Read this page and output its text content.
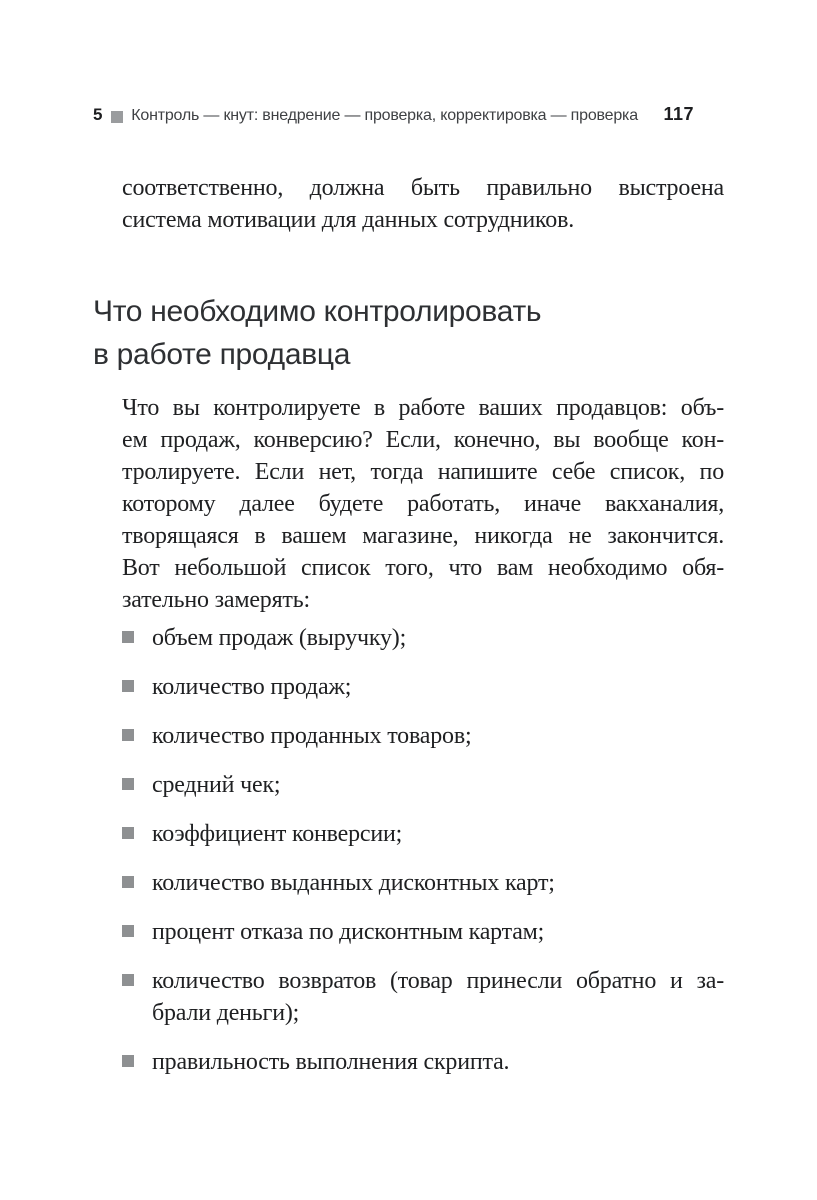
5 Контроль — кнут: внедрение — проверка, корректировка — проверка 117

соответственно, должна быть правильно выстроена
система мотивации для данных сотрудников.

Что необходимо контролировать
в работе продавца

Что вы контролируете в работе ваших продавцов: объ-
ем продаж, конверсию? Если, конечно, вы вообще кон-
тролируете. Если нет, тогда напишите себе список, по
которому далее будете работать, иначе вакханалия,
творящаяся в вашем магазине, никогда не закончится.
Вот небольшой список того, что вам необходимо обя-
зательно замерять:

объем продаж (выручку);
количество продаж;
количество проданных товаров;
средний чек;
коэффициент конверсии;
количество выданных дисконтных карт;
процент отказа по дисконтным картам;
количество возвратов (товар принесли обратно и за-
брали деньги);
правильность выполнения скрипта.
